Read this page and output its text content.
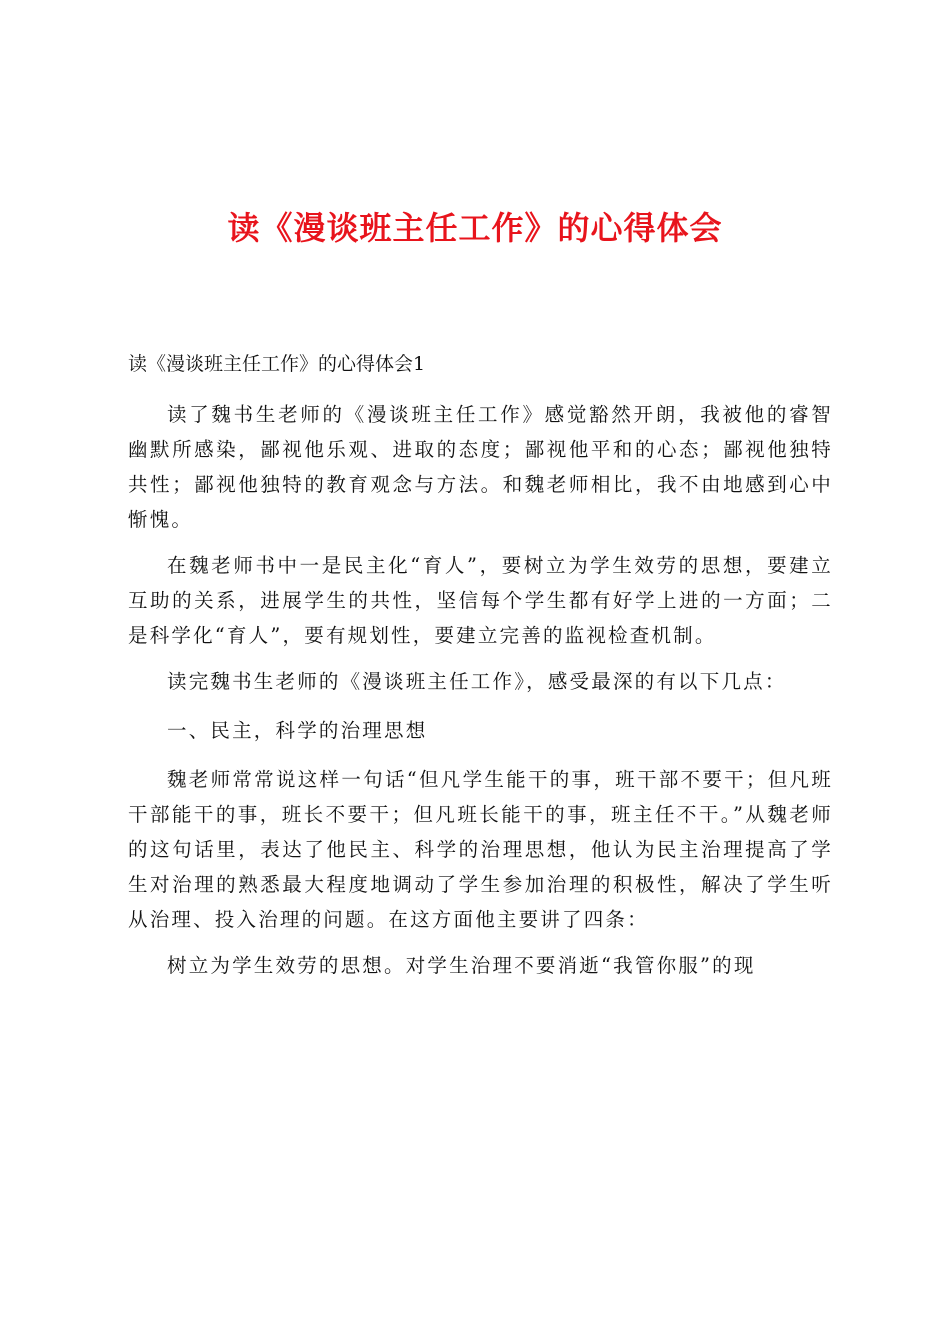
读《漫谈班主任工作》的心得体会
读《漫谈班主任工作》的心得体会1

读了魏书生老师的《漫谈班主任工作》感觉豁然开朗，我被他的睿智幽默所感染，鄙视他乐观、进取的态度；鄙视他平和的心态；鄙视他独特共性；鄙视他独特的教育观念与方法。和魏老师相比，我不由地感到心中惭愧。

在魏老师书中一是民主化“育人”，要树立为学生效劳的思想，要建立互助的关系，进展学生的共性，坚信每个学生都有好学上进的一方面；二是科学化“育人”，要有规划性，要建立完善的监视检查机制。

读完魏书生老师的《漫谈班主任工作》，感受最深的有以下几点：

一、民主，科学的治理思想

魏老师常常说这样一句话“但凡学生能干的事，班干部不要干；但凡班干部能干的事，班长不要干；但凡班长能干的事，班主任不干。”从魏老师的这句话里，表达了他民主、科学的治理思想，他认为民主治理提高了学生对治理的熟悉最大程度地调动了学生参加治理的积极性，解决了学生听从治理、投入治理的问题。在这方面他主要讲了四条：

树立为学生效劳的思想。对学生治理不要消逝“我管你服”的现
